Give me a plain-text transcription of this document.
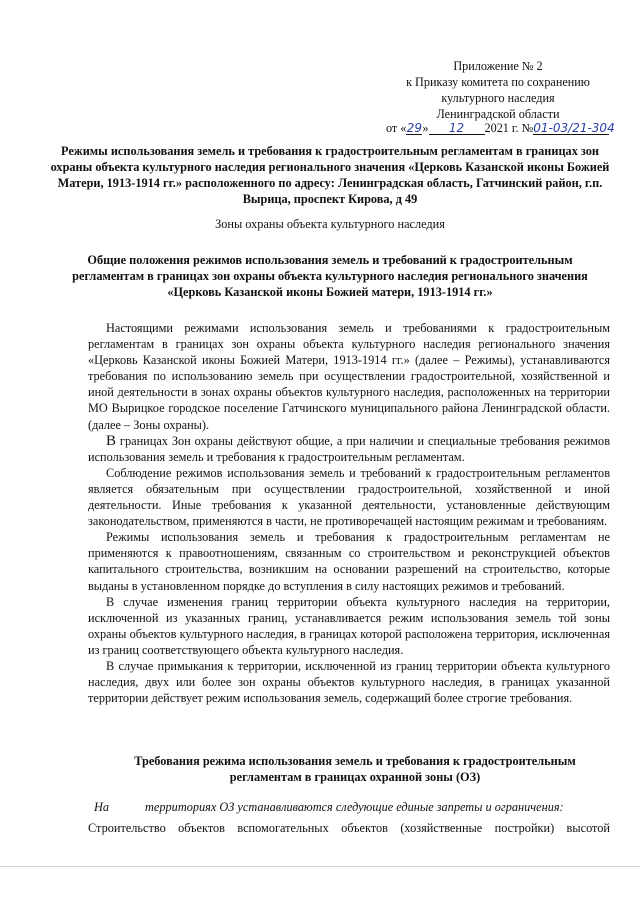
Приложение № 2
к Приказу комитета по сохранению
культурного наследия
Ленинградской области
от «29» 12 2021 г. №01-03/21-304
Режимы использования земель и требования к градостроительным регламентам в границах зон охраны объекта культурного наследия регионального значения «Церковь Казанской иконы Божией Матери, 1913-1914 гг.» расположенного по адресу: Ленинградская область, Гатчинский район, г.п. Вырица, проспект Кирова, д 49
Зоны охраны объекта культурного наследия
Общие положения режимов использования земель и требований к градостроительным регламентам в границах зон охраны объекта культурного наследия регионального значения «Церковь Казанской иконы Божией матери, 1913-1914 гг.»

Настоящими режимами использования земель и требованиями к градостроительным регламентам в границах зон охраны объекта культурного наследия регионального значения «Церковь Казанской иконы Божией Матери, 1913-1914 гг.» (далее – Режимы), устанавливаются требования по использованию земель при осуществлении градостроительной, хозяйственной и иной деятельности в зонах охраны объектов культурного наследия, расположенных на территории МО Вырицкое городское поселение Гатчинского муниципального района Ленинградской области. (далее – Зоны охраны).

В границах Зон охраны действуют общие, а при наличии и специальные требования режимов использования земель и требования к градостроительным регламентам.

Соблюдение режимов использования земель и требований к градостроительным регламентов является обязательным при осуществлении градостроительной, хозяйственной и иной деятельности. Иные требования к указанной деятельности, установленные действующим законодательством, применяются в части, не противоречащей настоящим режимам и требованиям.

Режимы использования земель и требования к градостроительным регламентам не применяются к правоотношениям, связанным со строительством и реконструкцией объектов капитального строительства, возникшим на основании разрешений на строительство, которые выданы в установленном порядке до вступления в силу настоящих режимов и требований.

В случае изменения границ территории объекта культурного наследия на территории, исключенной из указанных границ, устанавливается режим использования земель той зоны охраны объектов культурного наследия, в границах которой расположена территория, исключенная из границ соответствующего объекта культурного наследия.

В случае примыкания к территории, исключенной из границ территории объекта культурного наследия, двух или более зон охраны объектов культурного наследия, в границах указанной территории действует режим использования земель, содержащий более строгие требования.

Требования режима использования земель и требования к градостроительным регламентам в границах охранной зоны (ОЗ)
На	территориях ОЗ устанавливаются следующие единые запреты и ограничения:
Строительство объектов вспомогательных объектов (хозяйственные постройки) высотой
